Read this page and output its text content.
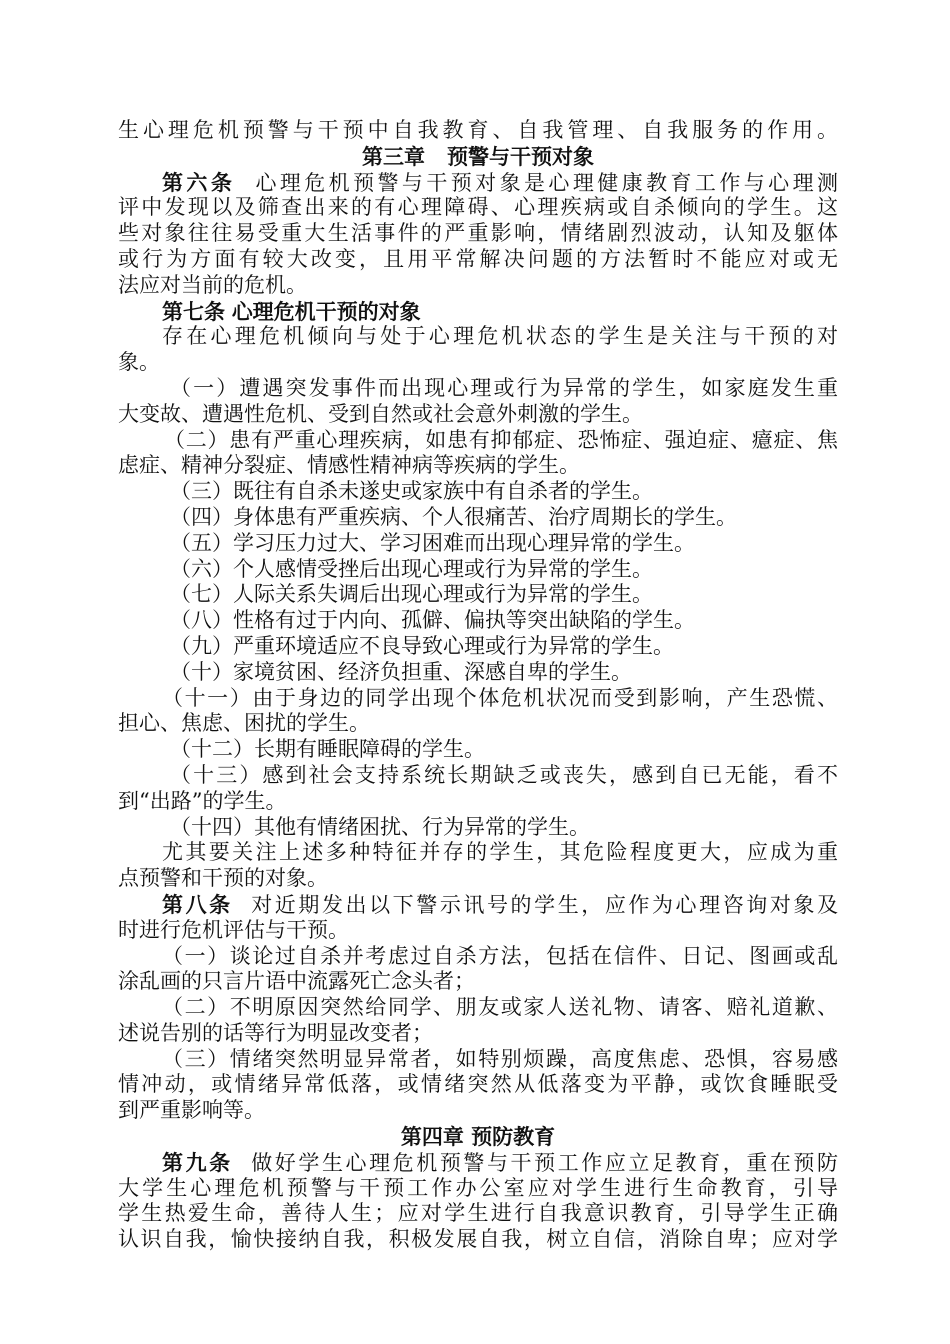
生心理危机预警与干预中自我教育、自我管理、自我服务的作用。
第三章 预警与干预对象
第六条 心理危机预警与干预对象是心理健康教育工作与心理测
评中发现以及筛查出来的有心理障碍、心理疾病或自杀倾向的学生。这
些对象往往易受重大生活事件的严重影响，情绪剧烈波动，认知及躯体
或行为方面有较大改变，且用平常解决问题的方法暂时不能应对或无
法应对当前的危机。
第七条 心理危机干预的对象
存在心理危机倾向与处于心理危机状态的学生是关注与干预的对
象。
（一）遭遇突发事件而出现心理或行为异常的学生，如家庭发生重
大变故、遭遇性危机、受到自然或社会意外刺激的学生。
（二）患有严重心理疾病，如患有抑郁症、恐怖症、强迫症、癔症、焦
虑症、精神分裂症、情感性精神病等疾病的学生。
（三）既往有自杀未遂史或家族中有自杀者的学生。
（四）身体患有严重疾病、个人很痛苦、治疗周期长的学生。
（五）学习压力过大、学习困难而出现心理异常的学生。
（六）个人感情受挫后出现心理或行为异常的学生。
（七）人际关系失调后出现心理或行为异常的学生。
（八）性格有过于内向、孤僻、偏执等突出缺陷的学生。
（九）严重环境适应不良导致心理或行为异常的学生。
（十）家境贫困、经济负担重、深感自卑的学生。
（十一）由于身边的同学出现个体危机状况而受到影响，产生恐慌、
担心、焦虑、困扰的学生。
（十二）长期有睡眠障碍的学生。
（十三）感到社会支持系统长期缺乏或丧失，感到自已无能，看不
到“出路”的学生。
（十四）其他有情绪困扰、行为异常的学生。
尤其要关注上述多种特征并存的学生，其危险程度更大，应成为重
点预警和干预的对象。
第八条 对近期发出以下警示讯号的学生，应作为心理咨询对象及
时进行危机评估与干预。
（一）谈论过自杀并考虑过自杀方法，包括在信件、日记、图画或乱
涂乱画的只言片语中流露死亡念头者；
（二）不明原因突然给同学、朋友或家人送礼物、请客、赔礼道歉、
述说告别的话等行为明显改变者；
（三）情绪突然明显异常者，如特别烦躁，高度焦虑、恐惧，容易感
情冲动，或情绪异常低落，或情绪突然从低落变为平静，或饮食睡眠受
到严重影响等。
第四章 预防教育
第九条 做好学生心理危机预警与干预工作应立足教育，重在预防
大学生心理危机预警与干预工作办公室应对学生进行生命教育，引导
学生热爱生命，善待人生；应对学生进行自我意识教育，引导学生正确
认识自我，愉快接纳自我，积极发展自我，树立自信，消除自卑；应对学
